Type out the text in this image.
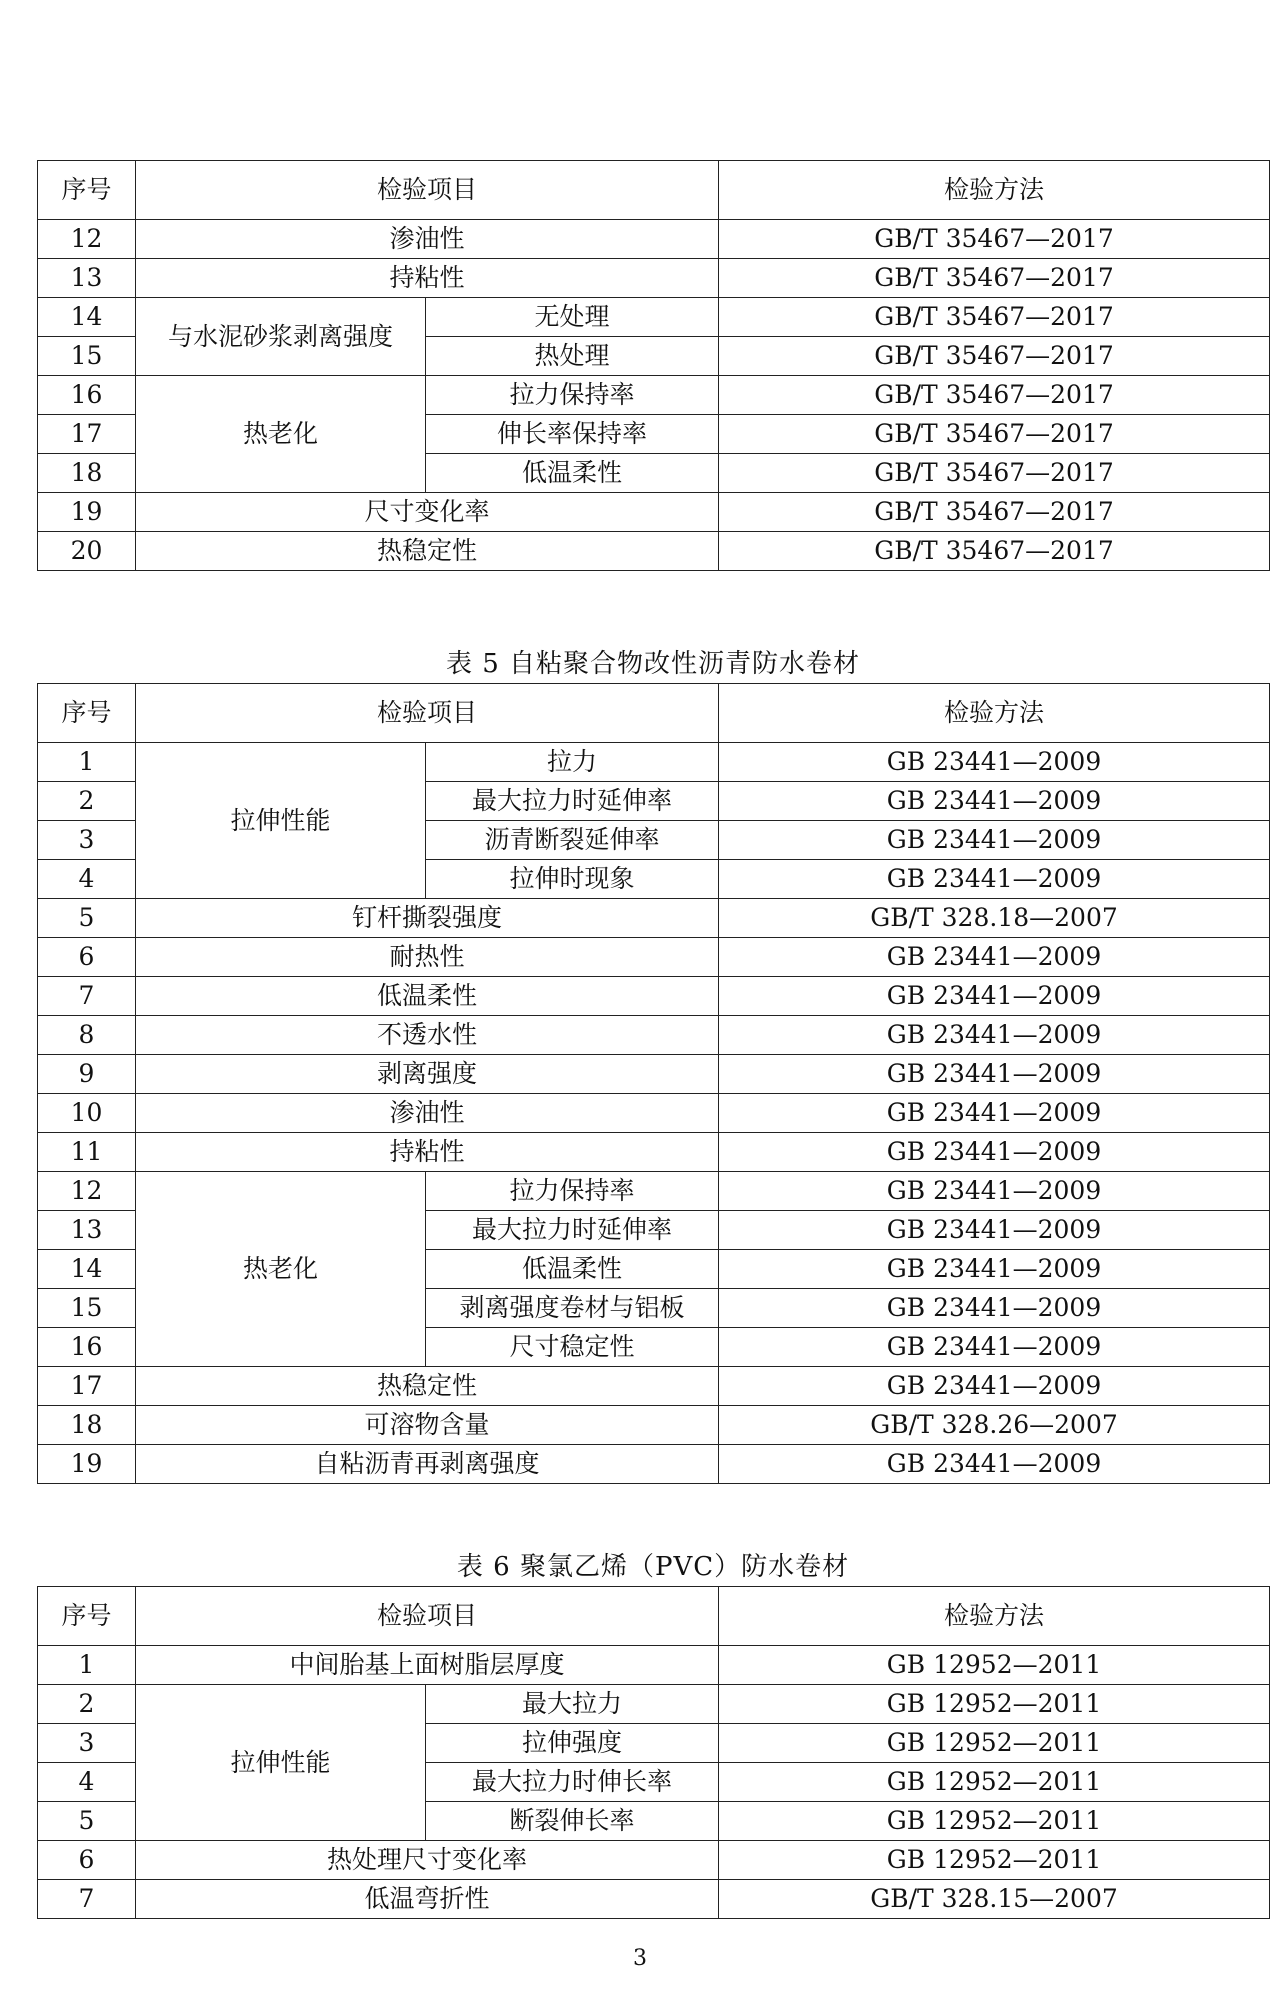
序号	检验项目		检验方法
12	渗油性		GB/T 35467—2017
13	持粘性		GB/T 35467—2017
14	与水泥砂浆剥离强度	无处理	GB/T 35467—2017
15		热处理	GB/T 35467—2017
16	热老化	拉力保持率	GB/T 35467—2017
17		伸长率保持率	GB/T 35467—2017
18		低温柔性	GB/T 35467—2017
19	尺寸变化率		GB/T 35467—2017
20	热稳定性		GB/T 35467—2017
表 5 自粘聚合物改性沥青防水卷材
序号	检验项目		检验方法
1	拉伸性能	拉力	GB 23441—2009
2		最大拉力时延伸率	GB 23441—2009
3		沥青断裂延伸率	GB 23441—2009
4		拉伸时现象	GB 23441—2009
5	钉杆撕裂强度		GB/T 328.18—2007
6	耐热性		GB 23441—2009
7	低温柔性		GB 23441—2009
8	不透水性		GB 23441—2009
9	剥离强度		GB 23441—2009
10	渗油性		GB 23441—2009
11	持粘性		GB 23441—2009
12	热老化	拉力保持率	GB 23441—2009
13		最大拉力时延伸率	GB 23441—2009
14		低温柔性	GB 23441—2009
15		剥离强度卷材与铝板	GB 23441—2009
16		尺寸稳定性	GB 23441—2009
17	热稳定性		GB 23441—2009
18	可溶物含量		GB/T 328.26—2007
19	自粘沥青再剥离强度		GB 23441—2009
表 6 聚氯乙烯（PVC）防水卷材
序号	检验项目		检验方法
1	中间胎基上面树脂层厚度		GB 12952—2011
2	拉伸性能	最大拉力	GB 12952—2011
3		拉伸强度	GB 12952—2011
4		最大拉力时伸长率	GB 12952—2011
5		断裂伸长率	GB 12952—2011
6	热处理尺寸变化率		GB 12952—2011
7	低温弯折性		GB/T 328.15—2007
3
